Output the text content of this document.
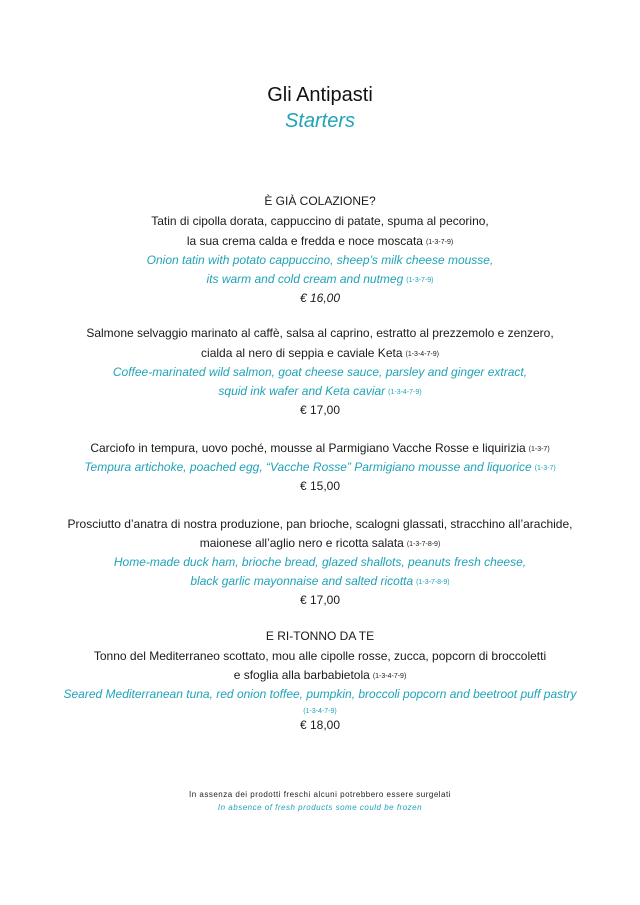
Gli Antipasti
Starters
È GIÀ COLAZIONE?
Tatin di cipolla dorata, cappuccino di patate, spuma al pecorino,
la sua crema calda e fredda e noce moscata (1-3-7-9)
Onion tatin with potato cappuccino, sheep’s milk cheese mousse,
its warm and cold cream and nutmeg (1-3-7-9)
€ 16,00
Salmone selvaggio marinato al caffè, salsa al caprino, estratto al prezzemolo e zenzero,
cialda al nero di seppia e caviale Keta (1-3-4-7-9)
Coffee-marinated wild salmon, goat cheese sauce, parsley and ginger extract,
squid ink wafer and Keta caviar (1-3-4-7-9)
€ 17,00
Carciofo in tempura, uovo poché, mousse al Parmigiano Vacche Rosse e liquirizia (1-3-7)
Tempura artichoke, poached egg, “Vacche Rosse” Parmigiano mousse and liquorice (1-3-7)
€ 15,00
Prosciutto d’anatra di nostra produzione, pan brioche, scalogni glassati, stracchino all’arachide,
maionese all’aglio nero e ricotta salata (1-3-7-8-9)
Home-made duck ham, brioche bread, glazed shallots, peanuts fresh cheese,
black garlic mayonnaise and salted ricotta (1-3-7-8-9)
€ 17,00
E RI-TONNO DA TE
Tonno del Mediterraneo scottato, mou alle cipolle rosse, zucca, popcorn di broccoletti
e sfoglia alla barbabietola (1-3-4-7-9)
Seared Mediterranean tuna, red onion toffee, pumpkin, broccoli popcorn and beetroot puff pastry
(1-3-4-7-9)
€ 18,00
In assenza dei prodotti freschi alcuni potrebbero essere surgelati
In absence of fresh products some could be frozen
